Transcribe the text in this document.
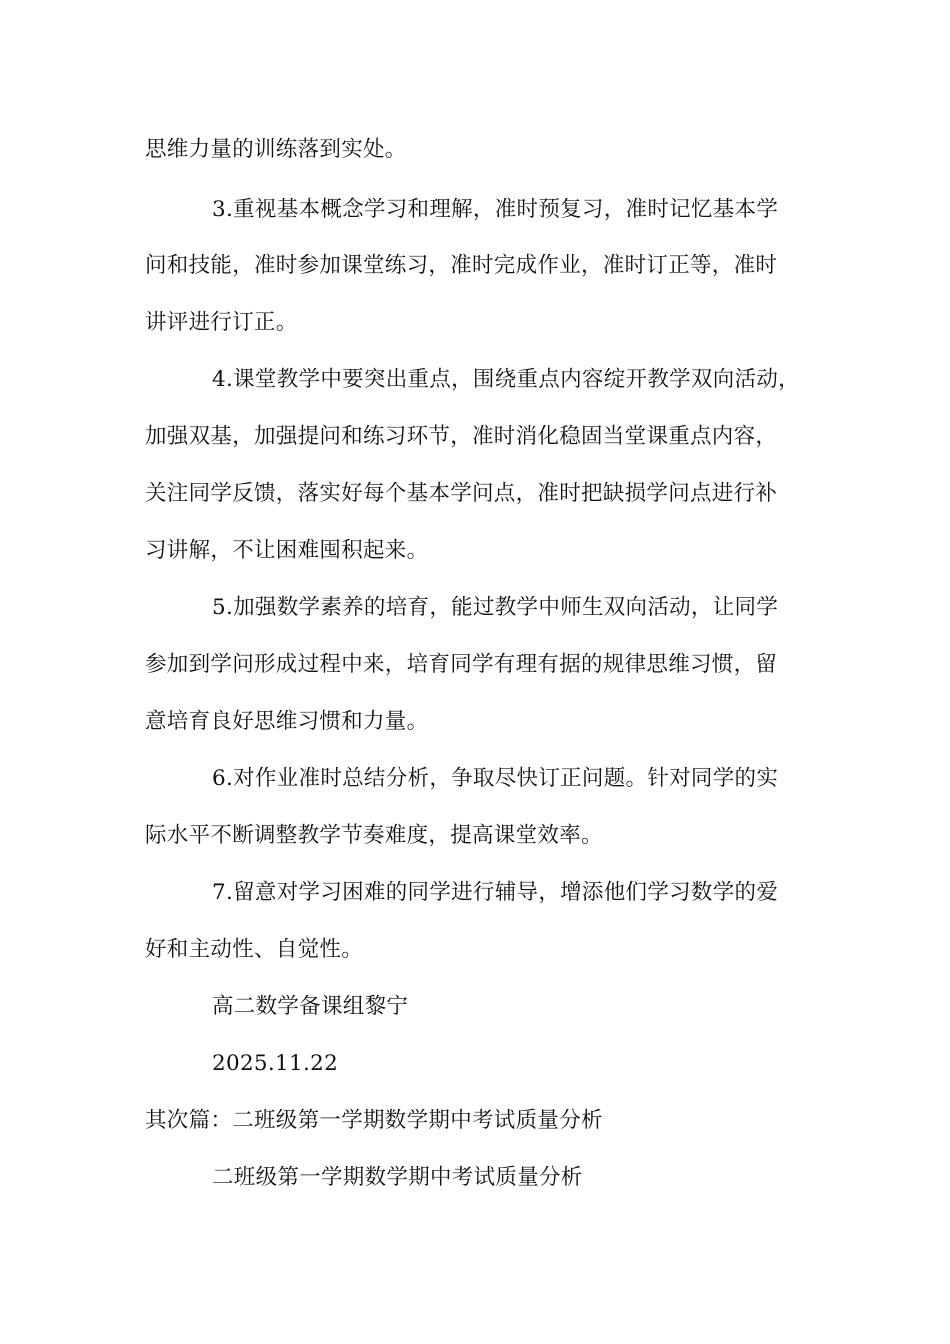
思维力量的训练落到实处。
3.重视基本概念学习和理解，准时预复习，准时记忆基本学
问和技能，准时参加课堂练习，准时完成作业，准时订正等，准时
讲评进行订正。
4.课堂教学中要突出重点，围绕重点内容绽开教学双向活动，
加强双基，加强提问和练习环节，准时消化稳固当堂课重点内容，
关注同学反馈，落实好每个基本学问点，准时把缺损学问点进行补
习讲解，不让困难囤积起来。
5.加强数学素养的培育，能过教学中师生双向活动，让同学
参加到学问形成过程中来，培育同学有理有据的规律思维习惯，留
意培育良好思维习惯和力量。
6.对作业准时总结分析，争取尽快订正问题。针对同学的实
际水平不断调整教学节奏难度，提高课堂效率。
7.留意对学习困难的同学进行辅导，增添他们学习数学的爱
好和主动性、自觉性。
高二数学备课组黎宁
2025.11.22
其次篇：二班级第一学期数学期中考试质量分析
二班级第一学期数学期中考试质量分析
